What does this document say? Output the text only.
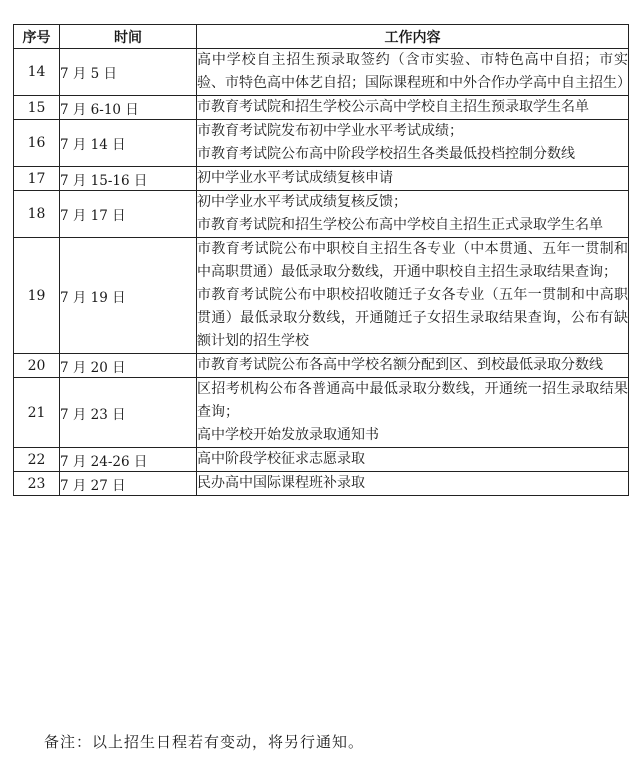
序号	时间	工作内容
14	7 月 5 日	高中学校自主招生预录取签约（含市实验、市特色高中自招；市实验、市特色高中体艺自招；国际课程班和中外合作办学高中自主招生）

15	7 月 6-10 日	市教育考试院和招生学校公示高中学校自主招生预录取学生名单

16	7 月 14 日	市教育考试院发布初中学业水平考试成绩；
市教育考试院公布高中阶段学校招生各类最低投档控制分数线

17	7 月 15-16 日	初中学业水平考试成绩复核申请

18	7 月 17 日	初中学业水平考试成绩复核反馈；
市教育考试院和招生学校公布高中学校自主招生正式录取学生名单

19	7 月 19 日	市教育考试院公布中职校自主招生各专业（中本贯通、五年一贯制和中高职贯通）最低录取分数线，开通中职校自主招生录取结果查询；
市教育考试院公布中职校招收随迁子女各专业（五年一贯制和中高职贯通）最低录取分数线，开通随迁子女招生录取结果查询，公布有缺额计划的招生学校

20	7 月 20 日	市教育考试院公布各高中学校名额分配到区、到校最低录取分数线

21	7 月 23 日	区招考机构公布各普通高中最低录取分数线，开通统一招生录取结果查询；
高中学校开始发放录取通知书

22	7 月 24-26 日	高中阶段学校征求志愿录取

23	7 月 27 日	民办高中国际课程班补录取
备注：以上招生日程若有变动，将另行通知。
